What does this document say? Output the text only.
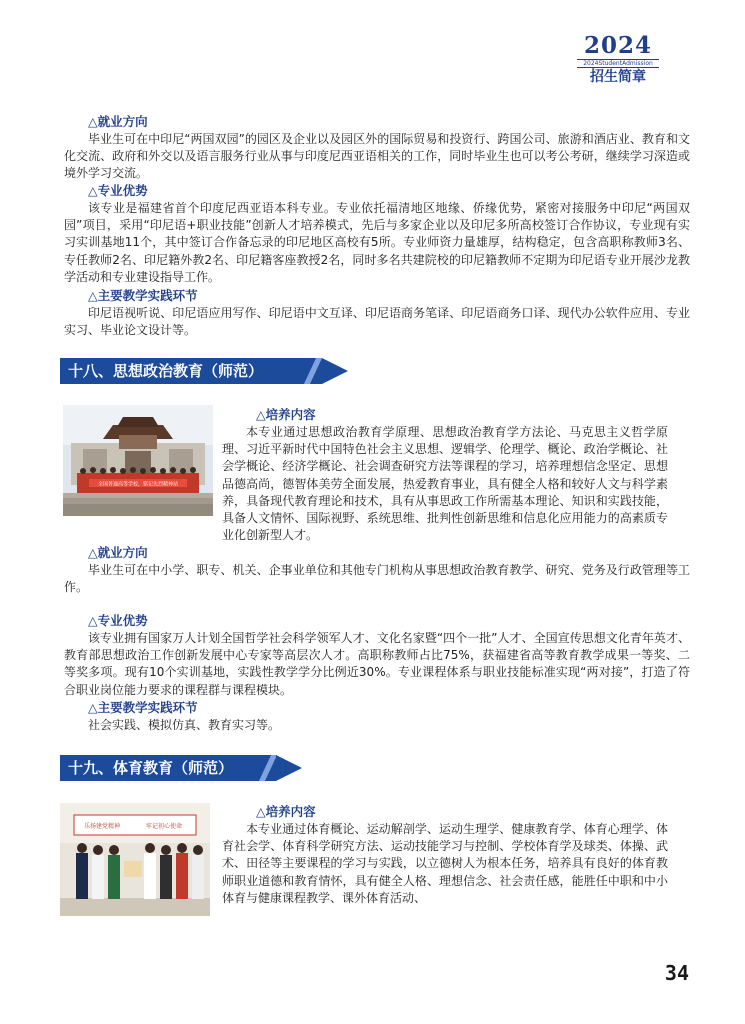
2024
2024StudentAdmission
招生简章
△就业方向

毕业生可在中印尼“两国双园”的园区及企业以及园区外的国际贸易和投资行、跨国公司、旅游和酒店业、教育和文化交流、政府和外交以及语言服务行业从事与印度尼西亚语相关的工作，同时毕业生也可以考公考研，继续学习深造或境外学习交流。

△专业优势

该专业是福建省首个印度尼西亚语本科专业。专业依托福清地区地缘、侨缘优势，紧密对接服务中印尼“两国双园”项目，采用“印尼语+职业技能”创新人才培养模式，先后与多家企业以及印尼多所高校签订合作协议，专业现有实习实训基地11个，其中签订合作备忘录的印尼地区高校有5所。专业师资力量雄厚，结构稳定，包含高职称教师3名、专任教师2名、印尼籍外教2名、印尼籍客座教授2名，同时多名共建院校的印尼籍教师不定期为印尼语专业开展沙龙教学活动和专业建设指导工作。

△主要教学实践环节

印尼语视听说、印尼语应用写作、印尼语中文互译、印尼语商务笔译、印尼语商务口译、现代办公软件应用、专业实习、毕业论文设计等。

十八、思想政治教育（师范）
全国普通高等学校，铭记先烈精神站
△培养内容

本专业通过思想政治教育学原理、思想政治教育学方法论、马克思主义哲学原理、习近平新时代中国特色社会主义思想、逻辑学、伦理学、概论、政治学概论、社会学概论、经济学概论、社会调查研究方法等课程的学习，培养理想信念坚定、思想品德高尚，德智体美劳全面发展，热爱教育事业，具有健全人格和较好人文与科学素养，具备现代教育理论和技术，具有从事思政工作所需基本理论、知识和实践技能，具备人文情怀、国际视野、系统思维、批判性创新思维和信息化应用能力的高素质专业化创新型人才。

△就业方向

毕业生可在中小学、职专、机关、企事业单位和其他专门机构从事思想政治教育教学、研究、党务及行政管理等工作。

△专业优势

该专业拥有国家万人计划全国哲学社会科学领军人才、文化名家暨“四个一批”人才、全国宣传思想文化青年英才、教育部思想政治工作创新发展中心专家等高层次人才。高职称教师占比75%，获福建省高等教育教学成果一等奖、二等奖多项。现有10个实训基地，实践性教学学分比例近30%。专业课程体系与职业技能标准实现“两对接”，打造了符合职业岗位能力要求的课程群与课程模块。

△主要教学实践环节

社会实践、模拟仿真、教育实习等。

十九、体育教育（师范）
乐扬建党精神	牢记初心使命
△培养内容

本专业通过体育概论、运动解剖学、运动生理学、健康教育学、体育心理学、体育社会学、体育科学研究方法、运动技能学习与控制、学校体育学及球类、体操、武术、田径等主要课程的学习与实践，以立德树人为根本任务，培养具有良好的体育教师职业道德和教育情怀，具有健全人格、理想信念、社会责任感，能胜任中职和中小体育与健康课程教学、课外体育活动、

34
